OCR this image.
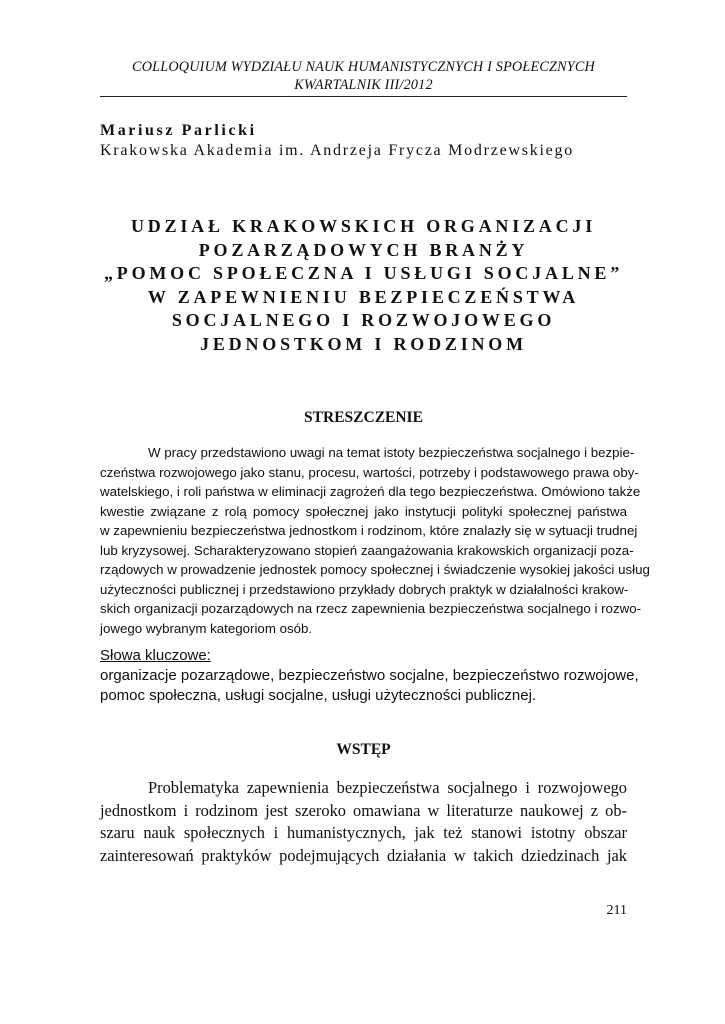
COLLOQUIUM WYDZIAŁU NAUK HUMANISTYCZNYCH I SPOŁECZNYCH
KWARTALNIK III/2012
Mariusz Parlicki
Krakowska Akademia im. Andrzeja Frycza Modrzewskiego
UDZIAŁ KRAKOWSKICH ORGANIZACJI
POZARZĄDOWYCH BRANŻY
„POMOC SPOŁECZNA I USŁUGI SOCJALNE”
W ZAPEWNIENIU BEZPIECZEŃSTWA
SOCJALNEGO I ROZWOJOWEGO
JEDNOSTKOM I RODZINOM
STRESZCZENIE
W pracy przedstawiono uwagi na temat istoty bezpieczeństwa socjalnego i bezpie-
czeństwa rozwojowego jako stanu, procesu, wartości, potrzeby i podstawowego prawa oby-
watelskiego, i roli państwa w eliminacji zagrożeń dla tego bezpieczeństwa. Omówiono także
kwestie związane z rolą pomocy społecznej jako instytucji polityki społecznej państwa
w zapewnieniu bezpieczeństwa jednostkom i rodzinom, które znalazły się w sytuacji trudnej
lub kryzysowej. Scharakteryzowano stopień zaangażowania krakowskich organizacji poza-
rządowych w prowadzenie jednostek pomocy społecznej i świadczenie wysokiej jakości usług
użyteczności publicznej i przedstawiono przykłady dobrych praktyk w działalności krakow-
skich organizacji pozarządowych na rzecz zapewnienia bezpieczeństwa socjalnego i rozwo-
jowego wybranym kategoriom osób.
Słowa kluczowe:
organizacje pozarządowe, bezpieczeństwo socjalne, bezpieczeństwo rozwojowe,
pomoc społeczna, usługi socjalne, usługi użyteczności publicznej.
WSTĘP
Problematyka zapewnienia bezpieczeństwa socjalnego i rozwojowego
jednostkom i rodzinom jest szeroko omawiana w literaturze naukowej z ob-
szaru nauk społecznych i humanistycznych, jak też stanowi istotny obszar
zainteresowań praktyków podejmujących działania w takich dziedzinach jak
211
